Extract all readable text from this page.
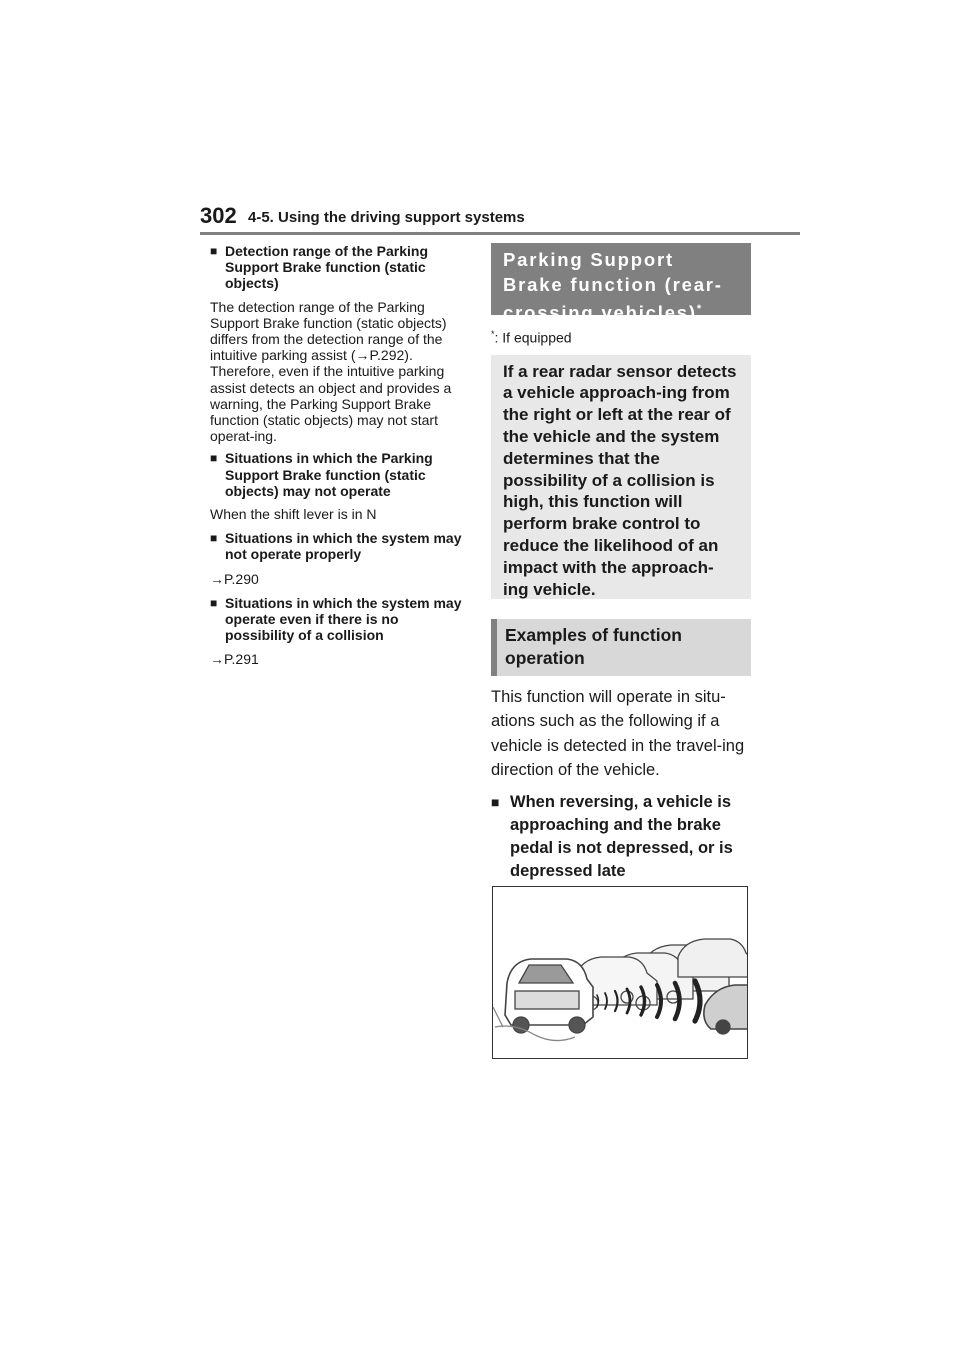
302 4-5. Using the driving support systems
■ Detection range of the Parking Support Brake function (static objects)
The detection range of the Parking Support Brake function (static objects) differs from the detection range of the intuitive parking assist (→P.292). Therefore, even if the intuitive parking assist detects an object and provides a warning, the Parking Support Brake function (static objects) may not start operat-ing.
■ Situations in which the Parking Support Brake function (static objects) may not operate
When the shift lever is in N
■ Situations in which the system may not operate properly
→P.290
■ Situations in which the system may operate even if there is no possibility of a collision
→P.291
Parking Support Brake function (rear-crossing vehicles)*
*: If equipped
If a rear radar sensor detects a vehicle approach-ing from the right or left at the rear of the vehicle and the system determines that the possibility of a collision is high, this function will perform brake control to reduce the likelihood of an impact with the approach-ing vehicle.
Examples of function operation
This function will operate in situ-ations such as the following if a vehicle is detected in the travel-ing direction of the vehicle.
■ When reversing, a vehicle is approaching and the brake pedal is not depressed, or is depressed late
